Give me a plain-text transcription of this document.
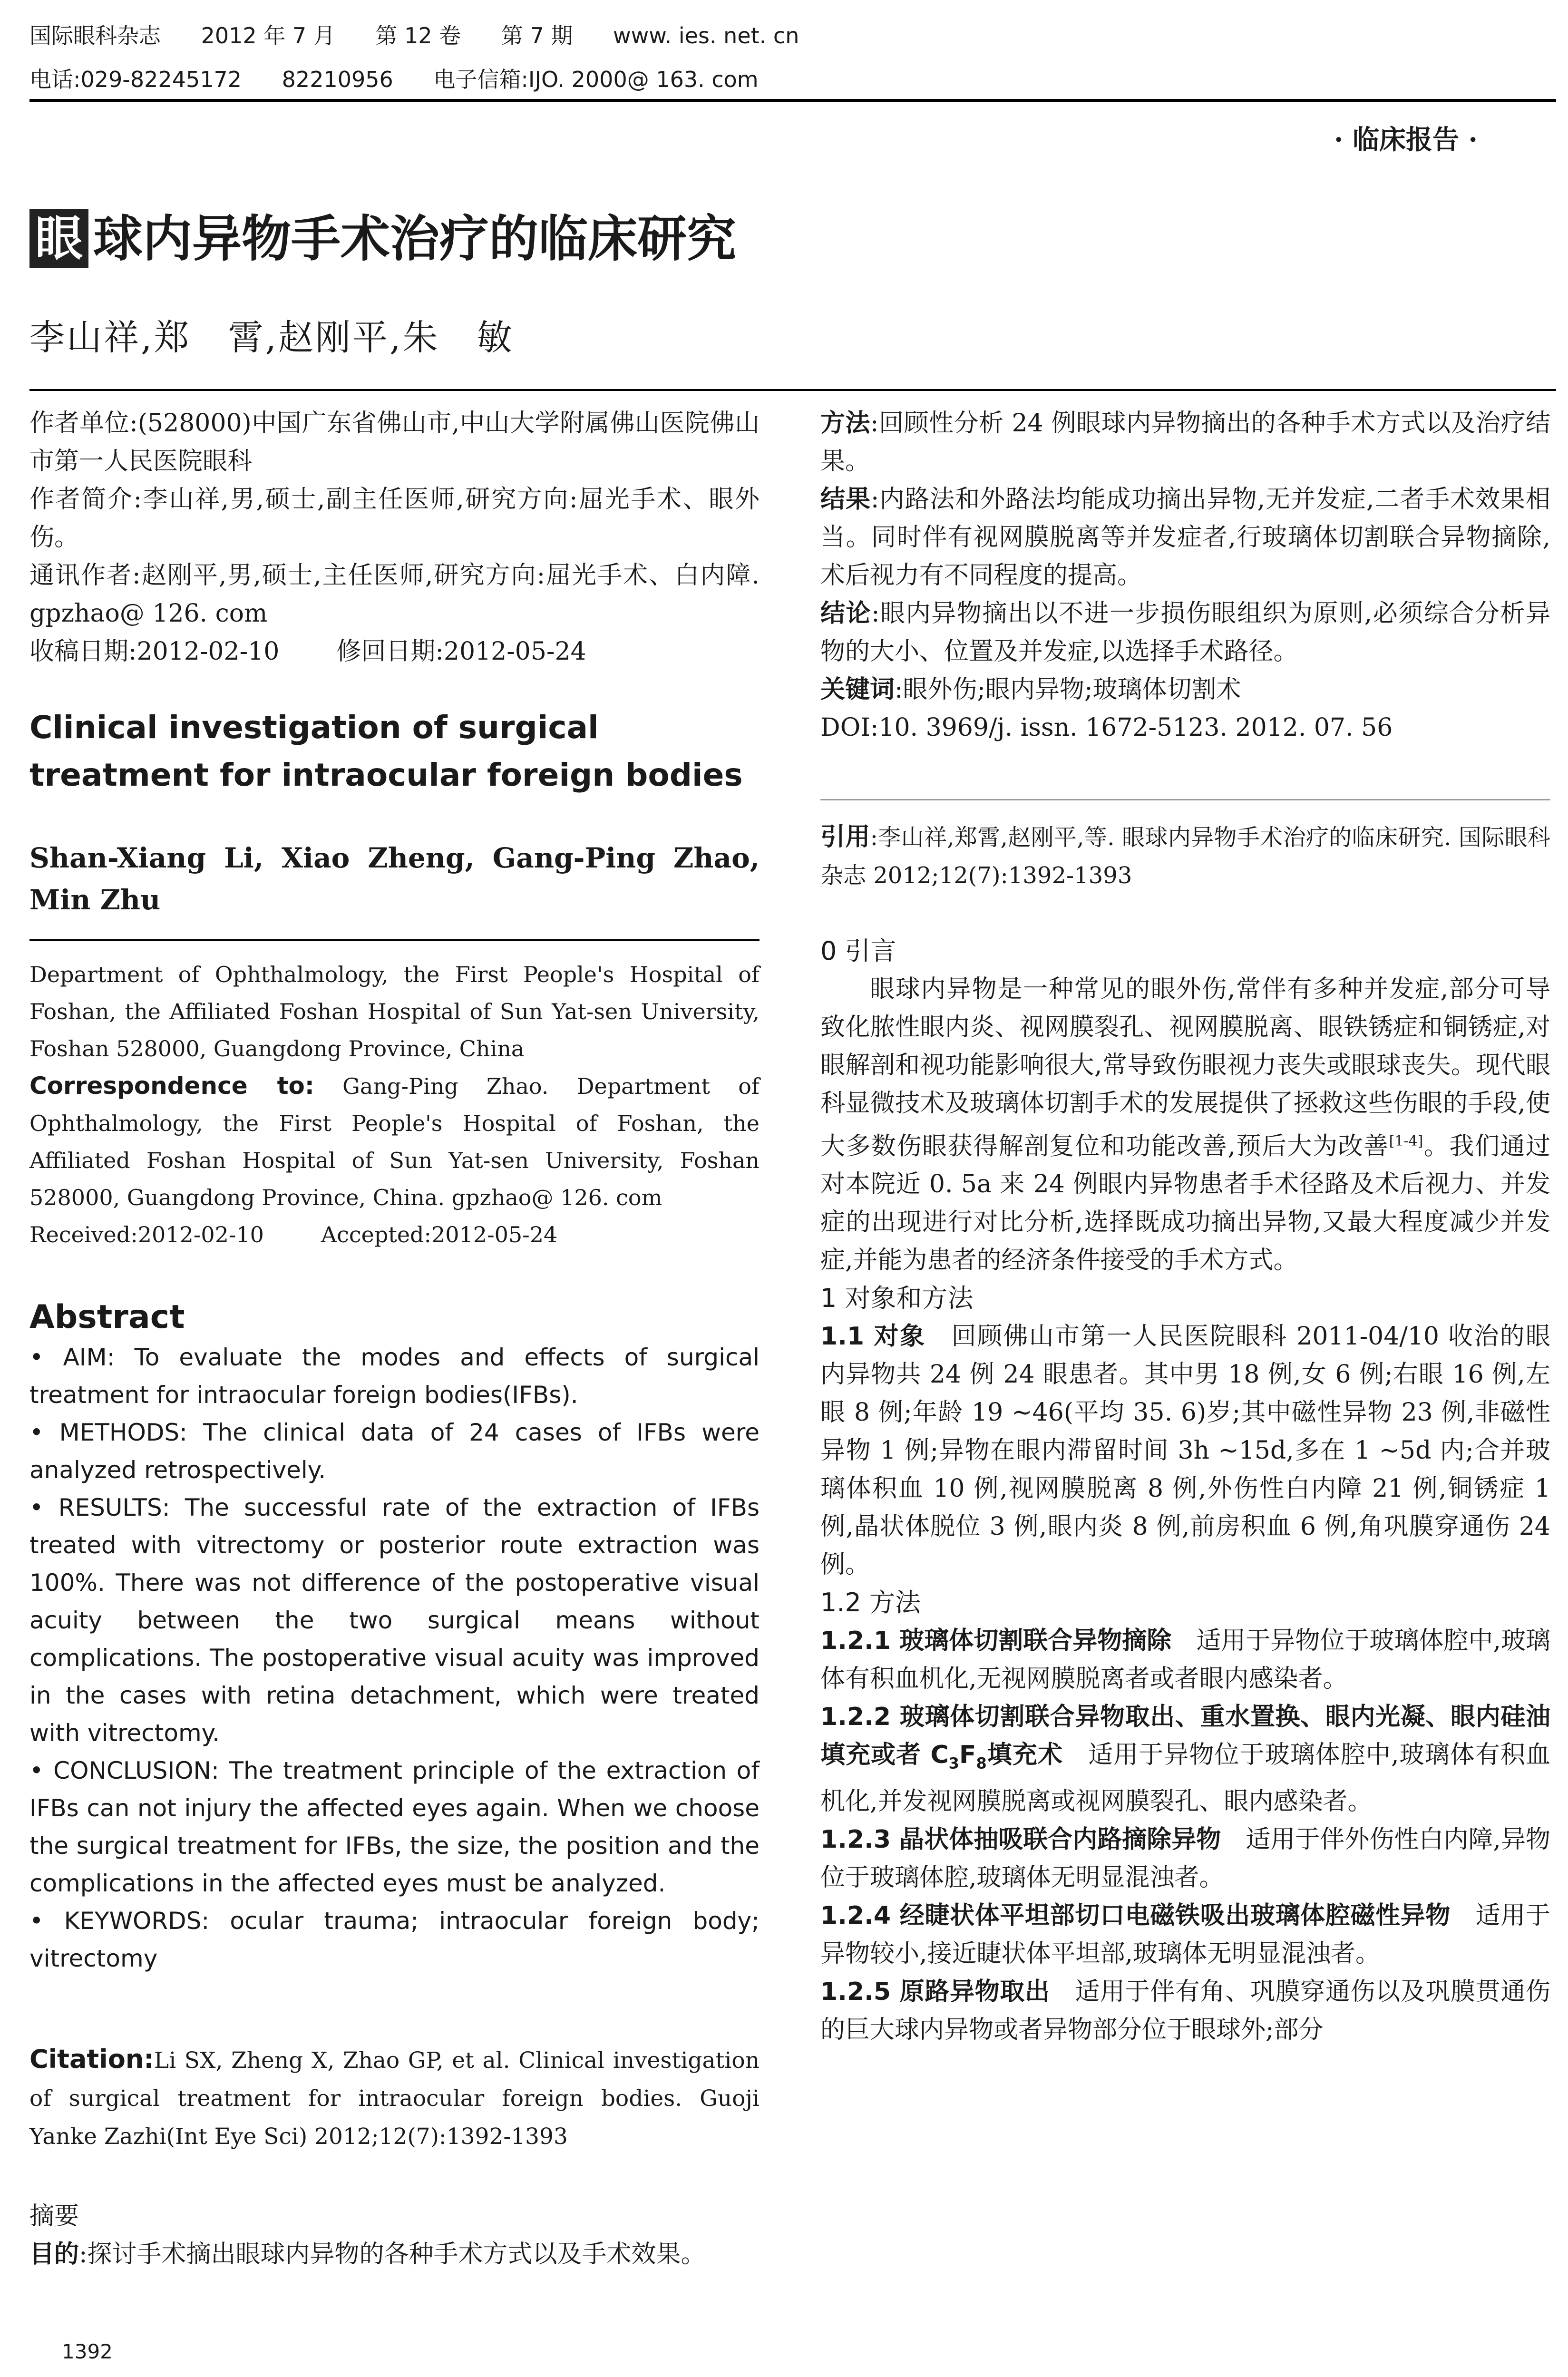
国际眼科杂志 2012 年 7 月 第 12 卷 第 7 期 www. ies. net. cn
电话:029-82245172 82210956 电子信箱:IJO. 2000@ 163. com
· 临床报告 ·
眼 球内异物手术治疗的临床研究
李山祥,郑　霄,赵刚平,朱　敏

作者单位:(528000)中国广东省佛山市,中山大学附属佛山医院佛山市第一人民医院眼科

作者简介:李山祥,男,硕士,副主任医师,研究方向:屈光手术、眼外伤。

通讯作者:赵刚平,男,硕士,主任医师,研究方向:屈光手术、白内障. gpzhao@ 126. com

收稿日期:2012-02-10 修回日期:2012-05-24

Clinical investigation of surgical treatment for intraocular foreign bodies
Shan-Xiang Li, Xiao Zheng, Gang-Ping Zhao, Min Zhu

Department of Ophthalmology, the First People's Hospital of Foshan, the Affiliated Foshan Hospital of Sun Yat-sen University, Foshan 528000, Guangdong Province, China

Correspondence to: Gang-Ping Zhao. Department of Ophthalmology, the First People's Hospital of Foshan, the Affiliated Foshan Hospital of Sun Yat-sen University, Foshan 528000, Guangdong Province, China. gpzhao@ 126. com

Received:2012-02-10	Accepted:2012-05-24

Abstract

• AIM: To evaluate the modes and effects of surgical treatment for intraocular foreign bodies(IFBs).

• METHODS: The clinical data of 24 cases of IFBs were analyzed retrospectively.

• RESULTS: The successful rate of the extraction of IFBs treated with vitrectomy or posterior route extraction was 100%. There was not difference of the postoperative visual acuity between the two surgical means without complications. The postoperative visual acuity was improved in the cases with retina detachment, which were treated with vitrectomy.

• CONCLUSION: The treatment principle of the extraction of IFBs can not injury the affected eyes again. When we choose the surgical treatment for IFBs, the size, the position and the complications in the affected eyes must be analyzed.

• KEYWORDS: ocular trauma; intraocular foreign body; vitrectomy

Citation:Li SX, Zheng X, Zhao GP, et al. Clinical investigation of surgical treatment for intraocular foreign bodies. Guoji Yanke Zazhi(Int Eye Sci) 2012;12(7):1392-1393

摘要

目的:探讨手术摘出眼球内异物的各种手术方式以及手术效果。

1392

方法:回顾性分析 24 例眼球内异物摘出的各种手术方式以及治疗结果。

结果:内路法和外路法均能成功摘出异物,无并发症,二者手术效果相当。同时伴有视网膜脱离等并发症者,行玻璃体切割联合异物摘除,术后视力有不同程度的提高。

结论:眼内异物摘出以不进一步损伤眼组织为原则,必须综合分析异物的大小、位置及并发症,以选择手术路径。

关键词:眼外伤;眼内异物;玻璃体切割术

DOI:10. 3969/j. issn. 1672-5123. 2012. 07. 56

引用:李山祥,郑霄,赵刚平,等. 眼球内异物手术治疗的临床研究. 国际眼科杂志 2012;12(7):1392-1393

0 引言

眼球内异物是一种常见的眼外伤,常伴有多种并发症,部分可导致化脓性眼内炎、视网膜裂孔、视网膜脱离、眼铁锈症和铜锈症,对眼解剖和视功能影响很大,常导致伤眼视力丧失或眼球丧失。现代眼科显微技术及玻璃体切割手术的发展提供了拯救这些伤眼的手段,使大多数伤眼获得解剖复位和功能改善,预后大为改善[1-4]。我们通过对本院近 0. 5a 来 24 例眼内异物患者手术径路及术后视力、并发症的出现进行对比分析,选择既成功摘出异物,又最大程度减少并发症,并能为患者的经济条件接受的手术方式。

1 对象和方法

1.1 对象　回顾佛山市第一人民医院眼科 2011-04/10 收治的眼内异物共 24 例 24 眼患者。其中男 18 例,女 6 例;右眼 16 例,左眼 8 例;年龄 19 ~46(平均 35. 6)岁;其中磁性异物 23 例,非磁性异物 1 例;异物在眼内滞留时间 3h ~15d,多在 1 ~5d 内;合并玻璃体积血 10 例,视网膜脱离 8 例,外伤性白内障 21 例,铜锈症 1 例,晶状体脱位 3 例,眼内炎 8 例,前房积血 6 例,角巩膜穿通伤 24 例。

1.2 方法

1.2.1 玻璃体切割联合异物摘除　适用于异物位于玻璃体腔中,玻璃体有积血机化,无视网膜脱离者或者眼内感染者。

1.2.2 玻璃体切割联合异物取出、重水置换、眼内光凝、眼内硅油填充或者 $C_3F_8$填充术　适用于异物位于玻璃体腔中,玻璃体有积血机化,并发视网膜脱离或视网膜裂孔、眼内感染者。

1.2.3 晶状体抽吸联合内路摘除异物　适用于伴外伤性白内障,异物位于玻璃体腔,玻璃体无明显混浊者。

1.2.4 经睫状体平坦部切口电磁铁吸出玻璃体腔磁性异物　适用于异物较小,接近睫状体平坦部,玻璃体无明显混浊者。

1.2.5 原路异物取出　适用于伴有角、巩膜穿通伤以及巩膜贯通伤的巨大球内异物或者异物部分位于眼球外;部分
